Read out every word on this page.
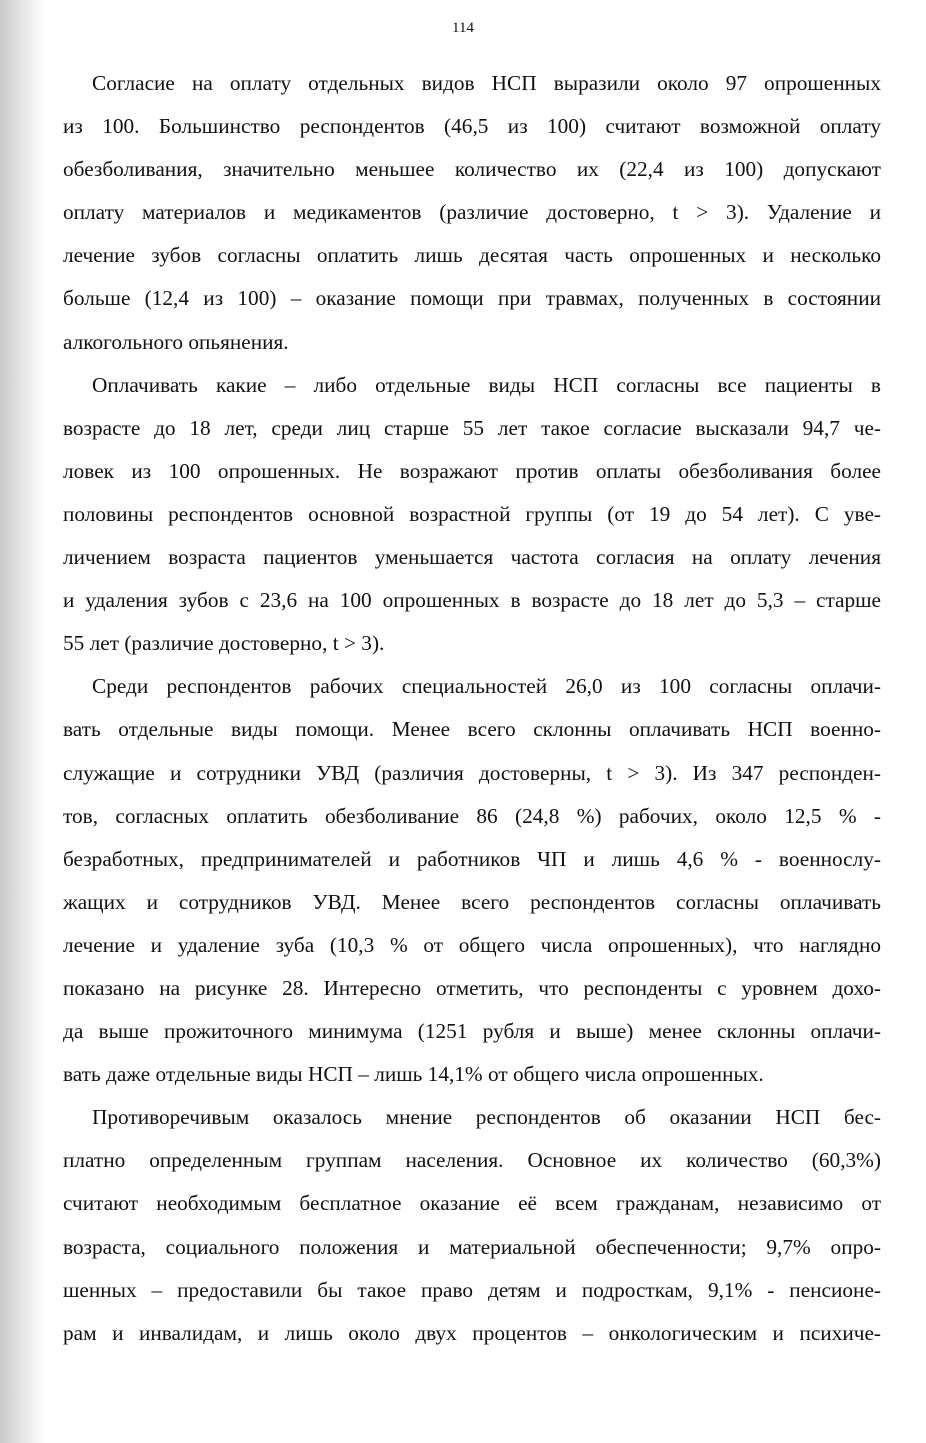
114
Согласие на оплату отдельных видов НСП выразили около 97 опрошенных
из 100. Большинство респондентов (46,5 из 100) считают возможной оплату
обезболивания, значительно меньшее количество их (22,4 из 100) допускают
оплату материалов и медикаментов (различие достоверно, t > 3). Удаление и
лечение зубов согласны оплатить лишь десятая часть опрошенных и несколько
больше (12,4 из 100) – оказание помощи при травмах, полученных в состоянии
алкогольного опьянения.
Оплачивать какие – либо отдельные виды НСП согласны все пациенты в
возрасте до 18 лет, среди лиц старше 55 лет такое согласие высказали 94,7 че-
ловек из 100 опрошенных. Не возражают против оплаты обезболивания более
половины респондентов основной возрастной группы (от 19 до 54 лет). С уве-
личением возраста пациентов уменьшается частота согласия на оплату лечения
и удаления зубов с 23,6 на 100 опрошенных в возрасте до 18 лет до 5,3 – старше
55 лет (различие достоверно, t > 3).
Среди респондентов рабочих специальностей 26,0 из 100 согласны оплачи-
вать отдельные виды помощи. Менее всего склонны оплачивать НСП военно-
служащие и сотрудники УВД (различия достоверны, t > 3). Из 347 респонден-
тов, согласных оплатить обезболивание 86 (24,8 %) рабочих, около 12,5 % -
безработных, предпринимателей и работников ЧП и лишь 4,6 % - военнослу-
жащих и сотрудников УВД. Менее всего респондентов согласны оплачивать
лечение и удаление зуба (10,3 % от общего числа опрошенных), что наглядно
показано на рисунке 28. Интересно отметить, что респонденты с уровнем дохо-
да выше прожиточного минимума (1251 рубля и выше) менее склонны оплачи-
вать даже отдельные виды НСП – лишь 14,1% от общего числа опрошенных.
Противоречивым оказалось мнение респондентов об оказании НСП бес-
платно определенным группам населения. Основное их количество (60,3%)
считают необходимым бесплатное оказание её всем гражданам, независимо от
возраста, социального положения и материальной обеспеченности; 9,7% опро-
шенных – предоставили бы такое право детям и подросткам, 9,1% - пенсионе-
рам и инвалидам, и лишь около двух процентов – онкологическим и психиче-
